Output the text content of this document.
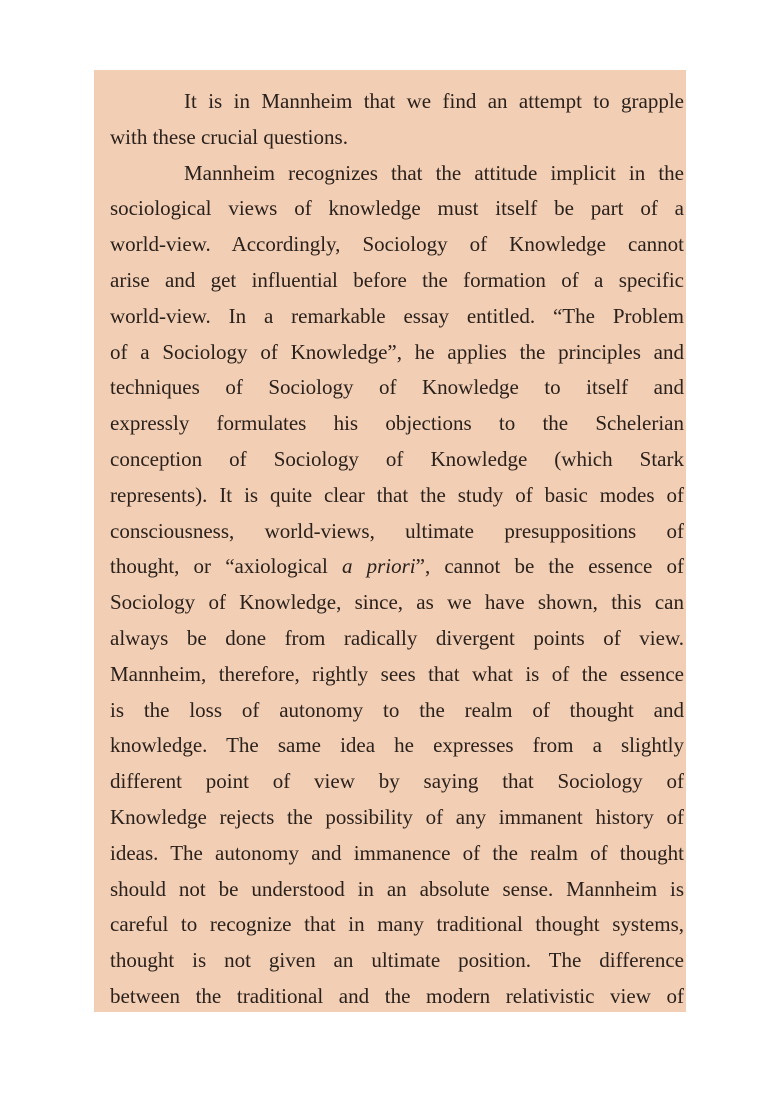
It is in Mannheim that we find an attempt to grapple
with these crucial questions.
Mannheim recognizes that the attitude implicit in the
sociological views of knowledge must itself be part of a
world-view. Accordingly, Sociology of Knowledge cannot
arise and get influential before the formation of a specific
world-view. In a remarkable essay entitled. “The Problem
of a Sociology of Knowledge”, he applies the principles and
techniques of Sociology of Knowledge to itself and
expressly formulates his objections to the Schelerian
conception of Sociology of Knowledge (which Stark
represents). It is quite clear that the study of basic modes of
consciousness, world-views, ultimate presuppositions of
thought, or “axiological a priori”, cannot be the essence of
Sociology of Knowledge, since, as we have shown, this can
always be done from radically divergent points of view.
Mannheim, therefore, rightly sees that what is of the essence
is the loss of autonomy to the realm of thought and
knowledge. The same idea he expresses from a slightly
different point of view by saying that Sociology of
Knowledge rejects the possibility of any immanent history of
ideas. The autonomy and immanence of the realm of thought
should not be understood in an absolute sense. Mannheim is
careful to recognize that in many traditional thought systems,
thought is not given an ultimate position. The difference
between the traditional and the modern relativistic view of
